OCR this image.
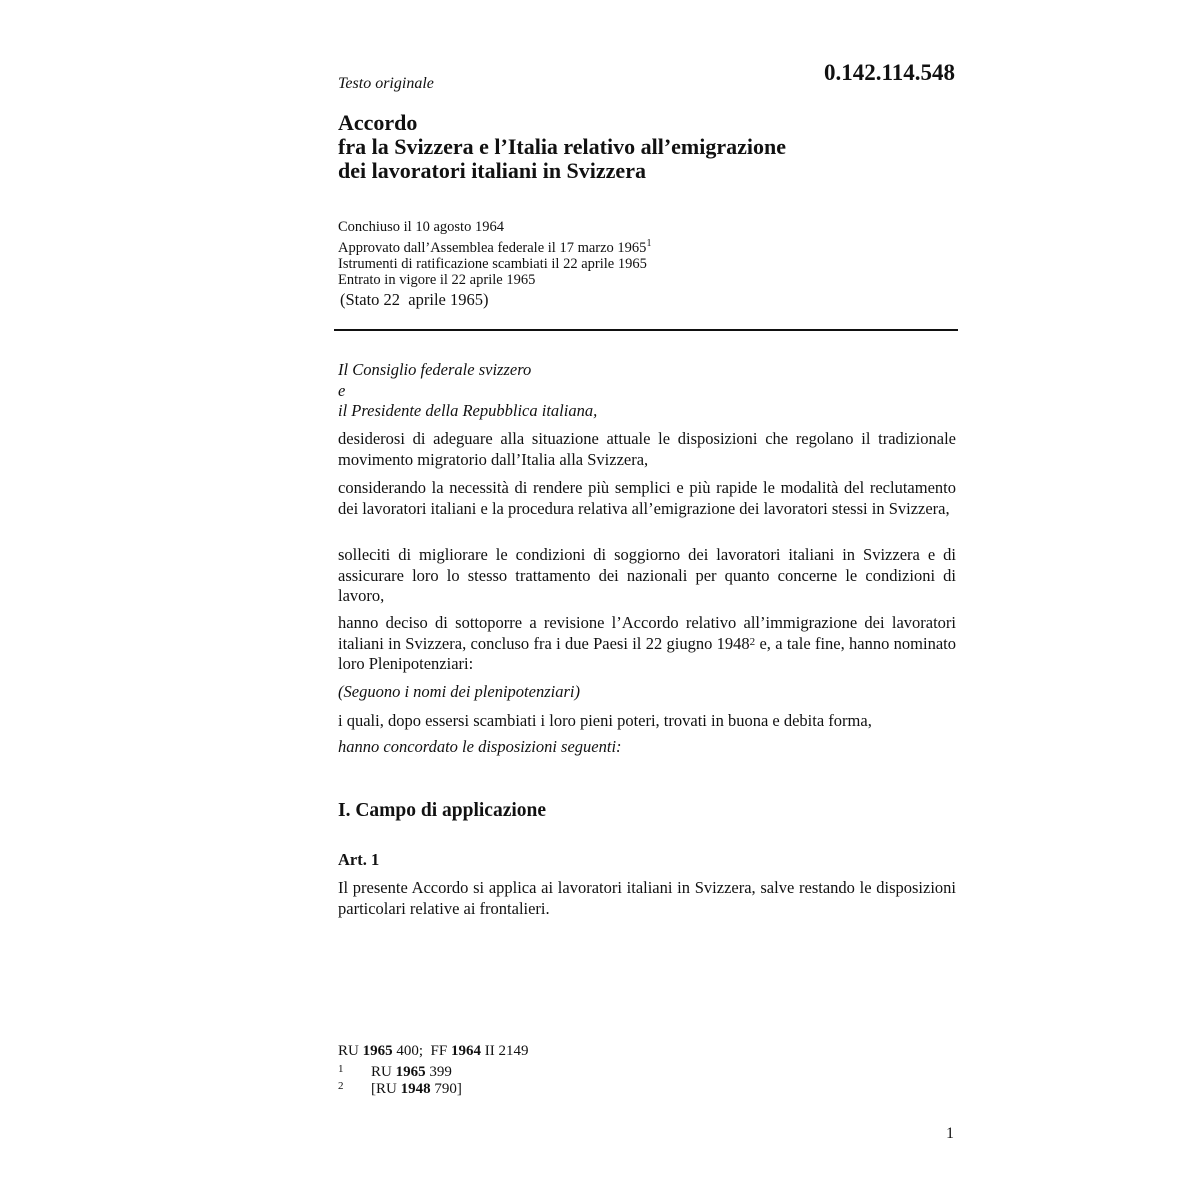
Testo originale	0.142.114.548
Accordo
fra la Svizzera e l’Italia relativo all’emigrazione
dei lavoratori italiani in Svizzera
Conchiuso il 10 agosto 1964
Approvato dall’Assemblea federale il 17 marzo 1965$^1$
Istrumenti di ratificazione scambiati il 22 aprile 1965
Entrato in vigore il 22 aprile 1965
(Stato 22  aprile 1965)
Il Consiglio federale svizzero
e
il Presidente della Repubblica italiana,
desiderosi di adeguare alla situazione attuale le disposizioni che regolano il tradizionale movimento migratorio dall’Italia alla Svizzera,
considerando la necessità di rendere più semplici e più rapide le modalità del reclutamento dei lavoratori italiani e la procedura relativa all’emigrazione dei lavoratori stessi in Svizzera,
solleciti di migliorare le condizioni di soggiorno dei lavoratori italiani in Svizzera e di assicurare loro lo stesso trattamento dei nazionali per quanto concerne le condizioni di lavoro,
hanno deciso di sottoporre a revisione l’Accordo relativo all’immigrazione dei lavoratori italiani in Svizzera, concluso fra i due Paesi il 22 giugno 1948$^2$ e, a tale fine, hanno nominato loro Plenipotenziari:
(Seguono i nomi dei plenipotenziari)
i quali, dopo essersi scambiati i loro pieni poteri, trovati in buona e debita forma,
hanno concordato le disposizioni seguenti:
I. Campo di applicazione
Art. 1
Il presente Accordo si applica ai lavoratori italiani in Svizzera, salve restando le disposizioni particolari relative ai frontalieri.
RU 1965 400; FF 1964 II 2149
1 RU 1965 399
2 [RU 1948 790]
1
